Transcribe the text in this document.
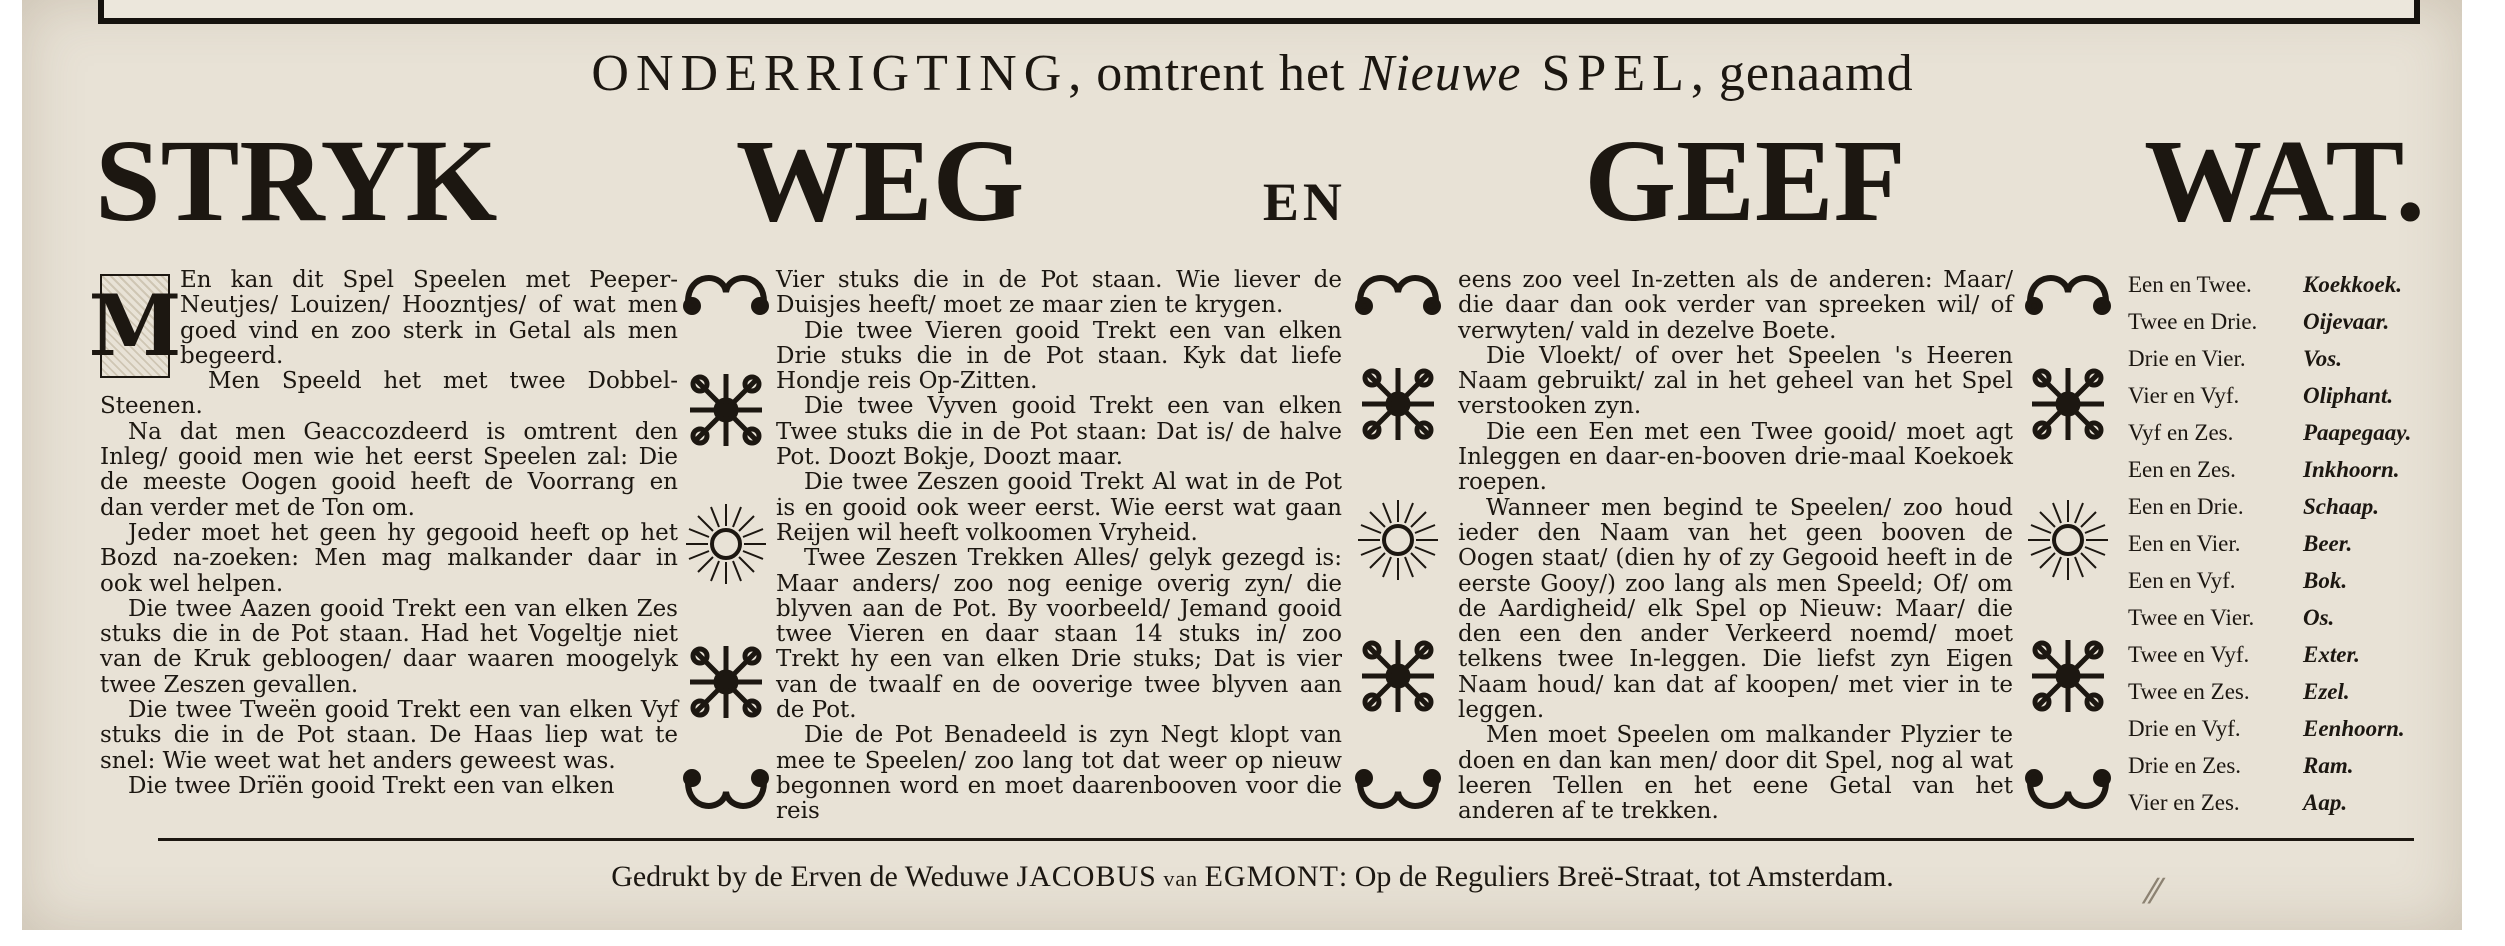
ONDERRIGTING, omtrent het Nieuwe SPEL, genaamd
STRYK WEG	EN GEEF WAT.

M
En kan dit Spel Speelen met Peeper-Neutjes/ Louizen/ Hoozntjes/ of wat men goed vind en zoo sterk in Getal als men begeerd.

Men Speeld het met twee Dobbel-Steenen.

Na dat men Geaccozdeerd is omtrent den Inleg/ gooid men wie het eerst Speelen zal: Die de meeste Oogen gooid heeft de Voorrang en dan verder met de Ton om.

Jeder moet het geen hy gegooid heeft op het Bozd na-zoeken: Men mag malkander daar in ook wel helpen.

Die twee Aazen gooid Trekt een van elken Zes stuks die in de Pot staan. Had het Vogeltje niet van de Kruk gebloogen/ daar waaren moogelyk twee Zeszen gevallen.

Die twee Tweën gooid Trekt een van elken Vyf stuks die in de Pot staan. De Haas liep wat te snel: Wie weet wat het anders geweest was.

Die twee Drïën gooid Trekt een van elken

Vier stuks die in de Pot staan. Wie liever de Duisjes heeft/ moet ze maar zien te krygen.

Die twee Vieren gooid Trekt een van elken Drie stuks die in de Pot staan. Kyk dat liefe Hondje reis Op-Zitten.

Die twee Vyven gooid Trekt een van elken Twee stuks die in de Pot staan: Dat is/ de halve Pot. Doozt Bokje, Doozt maar.

Die twee Zeszen gooid Trekt Al wat in de Pot is en gooid ook weer eerst. Wie eerst wat gaan Reijen wil heeft volkoomen Vryheid.

Twee Zeszen Trekken Alles/ gelyk gezegd is: Maar anders/ zoo nog eenige overig zyn/ die blyven aan de Pot. By voorbeeld/ Jemand gooid twee Vieren en daar staan 14 stuks in/ zoo Trekt hy een van elken Drie stuks; Dat is vier van de twaalf en de ooverige twee blyven aan de Pot.

Die de Pot Benadeeld is zyn Negt klopt van mee te Speelen/ zoo lang tot dat weer op nieuw begonnen word en moet daarenbooven voor die reis

eens zoo veel In-zetten als de anderen: Maar/ die daar dan ook verder van spreeken wil/ of verwyten/ vald in dezelve Boete.

Die Vloekt/ of over het Speelen 's Heeren Naam gebruikt/ zal in het geheel van het Spel verstooken zyn.

Die een Een met een Twee gooid/ moet agt Inleggen en daar-en-booven drie-maal Koekoek roepen.

Wanneer men begind te Speelen/ zoo houd ieder den Naam van het geen booven de Oogen staat/ (dien hy of zy Gegooid heeft in de eerste Gooy/) zoo lang als men Speeld; Of/ om de Aardigheid/ elk Spel op Nieuw: Maar/ die den een den ander Verkeerd noemd/ moet telkens twee In-leggen. Die liefst zyn Eigen Naam houd/ kan dat af koopen/ met vier in te leggen.

Men moet Speelen om malkander Plyzier te doen en dan kan men/ door dit Spel, nog al wat leeren Tellen en het eene Getal van het anderen af te trekken.

Een en Twee.	Koekkoek.
Twee en Drie.	Oijevaar.
Drie en Vier.	Vos.
Vier en Vyf.	Oliphant.
Vyf en Zes.	Paapegaay.
Een en Zes.	Inkhoorn.
Een en Drie.	Schaap.
Een en Vier.	Beer.
Een en Vyf.	Bok.
Twee en Vier.	Os.
Twee en Vyf.	Exter.
Twee en Zes.	Ezel.
Drie en Vyf.	Eenhoorn.
Drie en Zes.	Ram.
Vier en Zes.	Aap.
Gedrukt by de Erven de Weduwe JACOBUS van EGMONT: Op de Reguliers Breë-Straat, tot Amsterdam.	⁄⁄
